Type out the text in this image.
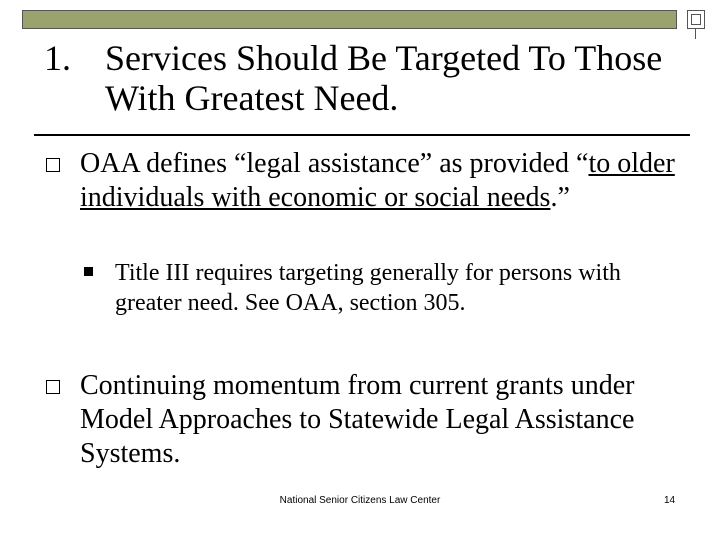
1. Services Should Be Targeted To Those With Greatest Need.
OAA defines “legal assistance” as provided “to older individuals with economic or social needs.”
Title III requires targeting generally for persons with greater need. See OAA, section 305.
Continuing momentum from current grants under Model Approaches to Statewide Legal Assistance Systems.
National Senior Citizens Law Center	14
